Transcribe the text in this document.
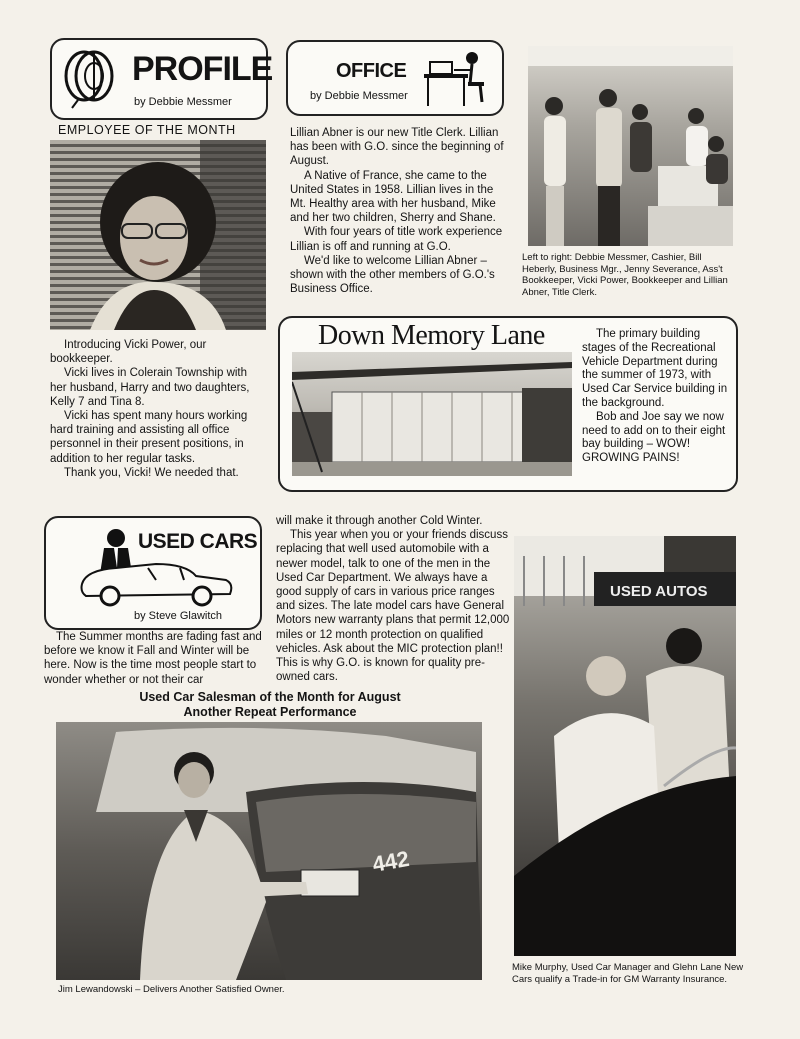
PROFILE
by Debbie Messmer
EMPLOYEE OF THE MONTH

Introducing Vicki Power, our bookkeeper.

Vicki lives in Colerain Township with her husband, Harry and two daughters, Kelly 7 and Tina 8.

Vicki has spent many hours working hard training and assisting all office personnel in their present positions, in addition to her regular tasks.

Thank you, Vicki! We needed that.

OFFICE
by Debbie Messmer

Lillian Abner is our new Title Clerk. Lillian has been with G.O. since the beginning of August.

A Native of France, she came to the United States in 1958. Lillian lives in the Mt. Healthy area with her husband, Mike and her two children, Sherry and Shane.

With four years of title work experience Lillian is off and running at G.O.

We'd like to welcome Lillian Abner – shown with the other members of G.O.'s Business Office.

Left to right: Debbie Messmer, Cashier, Bill Heberly, Business Mgr., Jenny Severance, Ass't Bookkeeper, Vicki Power, Bookkeeper and Lillian Abner, Title Clerk.
Down Memory Lane	The primary building stages of the Recreational Vehicle Department during the summer of 1973, with Used Car Service building in the background.

Bob and Joe say we now need to add on to their eight bay building – WOW! GROWING PAINS!

USED CARS
by Steve Glawitch
The Summer months are fading fast and before we know it Fall and Winter will be here. Now is the time most people start to wonder whether or not their car

will make it through another Cold Winter.

This year when you or your friends discuss replacing that well used automobile with a newer model, talk to one of the men in the Used Car Department. We always have a good supply of cars in various price ranges and sizes. The late model cars have General Motors new warranty plans that permit 12,000 miles or 12 month protection on qualified vehicles. Ask about the MIC protection plan!! This is why G.O. is known for quality pre-owned cars.

Used Car Salesman of the Month for August
Another Repeat Performance
442
Jim Lewandowski – Delivers Another Satisfied Owner.
USED AUTOS
Mike Murphy, Used Car Manager and Glehn Lane New Cars qualify a Trade-in for GM Warranty Insurance.
